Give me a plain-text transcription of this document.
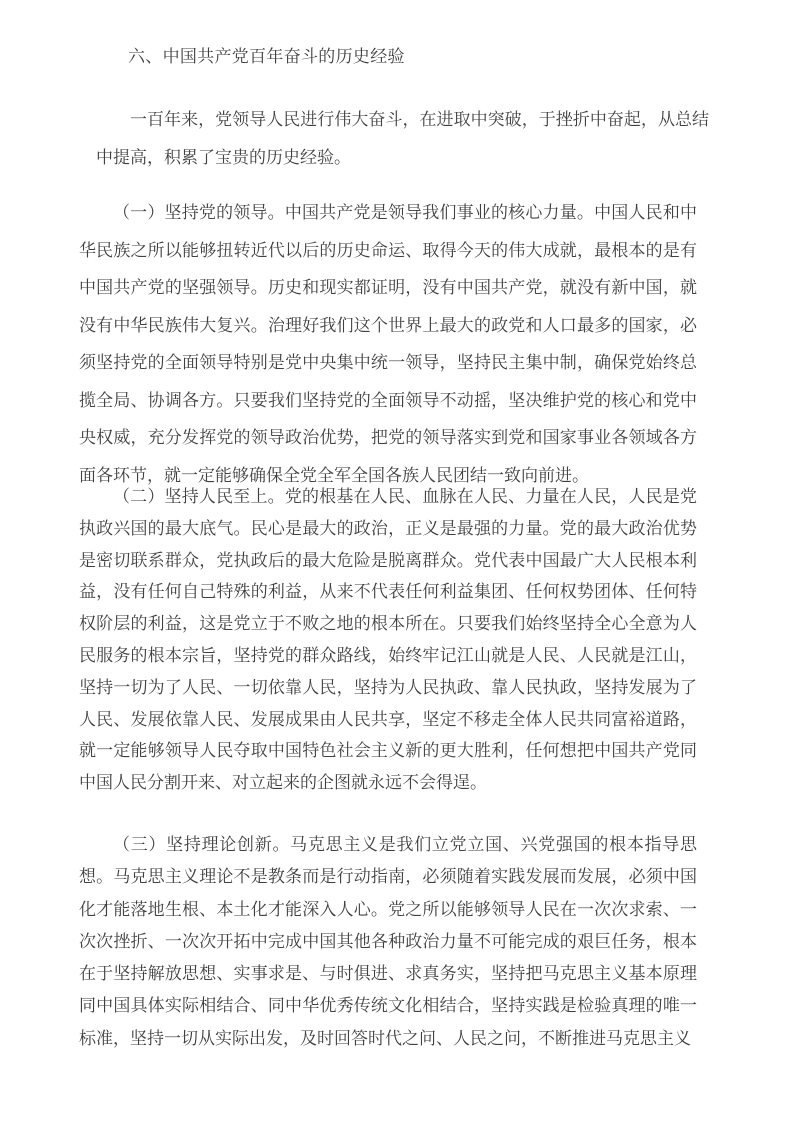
六、中国共产党百年奋斗的历史经验
一百年来，党领导人民进行伟大奋斗，在进取中突破，于挫折中奋起，从总结中提高，积累了宝贵的历史经验。
（一）坚持党的领导。中国共产党是领导我们事业的核心力量。中国人民和中华民族之所以能够扭转近代以后的历史命运、取得今天的伟大成就，最根本的是有中国共产党的坚强领导。历史和现实都证明，没有中国共产党，就没有新中国，就没有中华民族伟大复兴。治理好我们这个世界上最大的政党和人口最多的国家，必须坚持党的全面领导特别是党中央集中统一领导，坚持民主集中制，确保党始终总揽全局、协调各方。只要我们坚持党的全面领导不动摇，坚决维护党的核心和党中央权威，充分发挥党的领导政治优势，把党的领导落实到党和国家事业各领域各方面各环节，就一定能够确保全党全军全国各族人民团结一致向前进。
（二）坚持人民至上。党的根基在人民、血脉在人民、力量在人民，人民是党执政兴国的最大底气。民心是最大的政治，正义是最强的力量。党的最大政治优势是密切联系群众，党执政后的最大危险是脱离群众。党代表中国最广大人民根本利益，没有任何自己特殊的利益，从来不代表任何利益集团、任何权势团体、任何特权阶层的利益，这是党立于不败之地的根本所在。只要我们始终坚持全心全意为人民服务的根本宗旨，坚持党的群众路线，始终牢记江山就是人民、人民就是江山，坚持一切为了人民、一切依靠人民，坚持为人民执政、靠人民执政，坚持发展为了人民、发展依靠人民、发展成果由人民共享，坚定不移走全体人民共同富裕道路，就一定能够领导人民夺取中国特色社会主义新的更大胜利，任何想把中国共产党同中国人民分割开来、对立起来的企图就永远不会得逞。
（三）坚持理论创新。马克思主义是我们立党立国、兴党强国的根本指导思想。马克思主义理论不是教条而是行动指南，必须随着实践发展而发展，必须中国化才能落地生根、本土化才能深入人心。党之所以能够领导人民在一次次求索、一次次挫折、一次次开拓中完成中国其他各种政治力量不可能完成的艰巨任务，根本在于坚持解放思想、实事求是、与时俱进、求真务实，坚持把马克思主义基本原理同中国具体实际相结合、同中华优秀传统文化相结合，坚持实践是检验真理的唯一标准，坚持一切从实际出发，及时回答时代之问、人民之问，不断推进马克思主义
